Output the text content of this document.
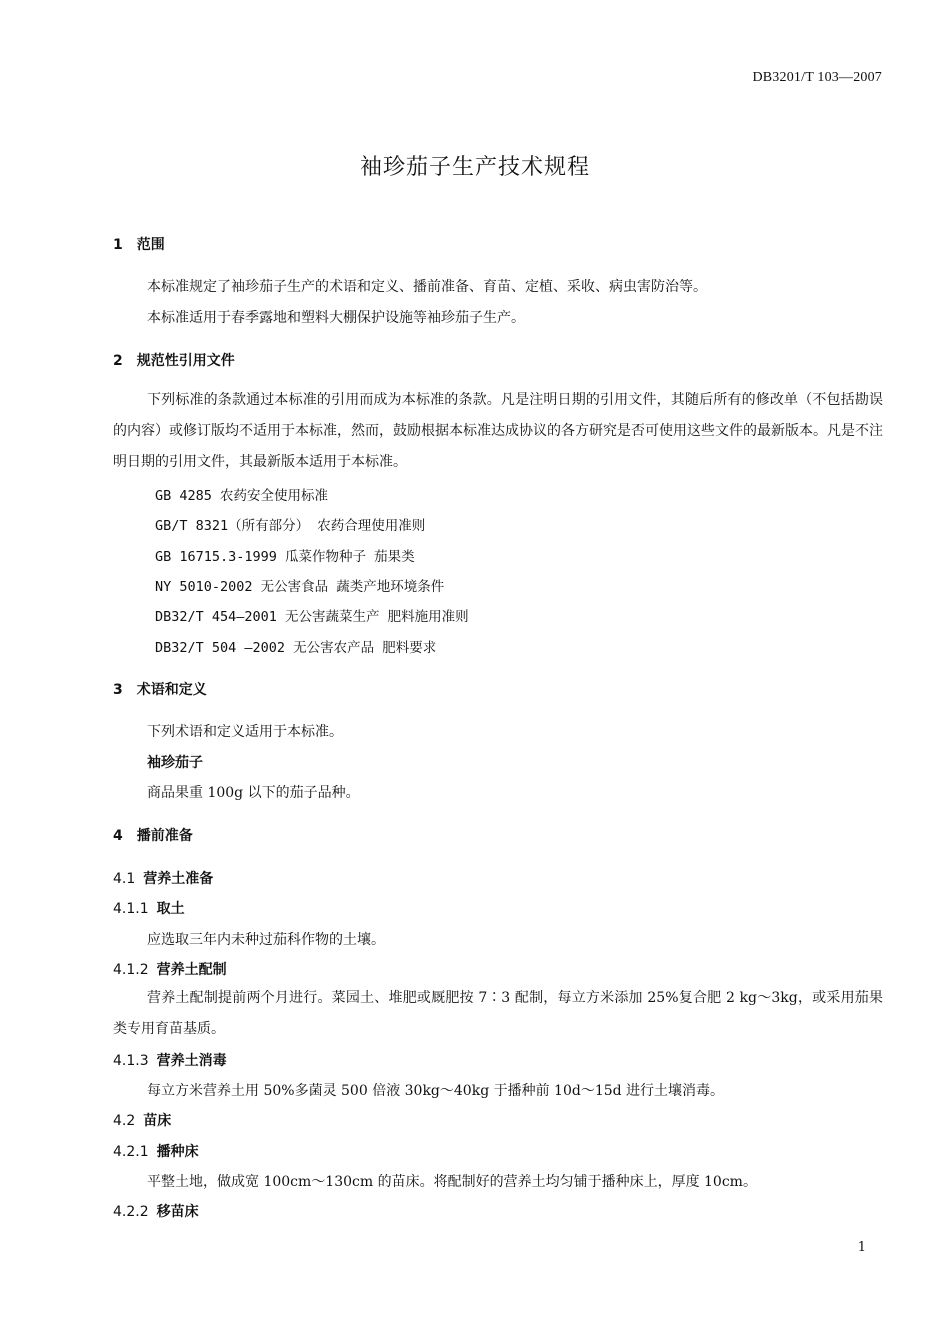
DB3201/T 103—2007
袖珍茄子生产技术规程
1 范围
本标准规定了袖珍茄子生产的术语和定义、播前准备、育苗、定植、采收、病虫害防治等。
本标准适用于春季露地和塑料大棚保护设施等袖珍茄子生产。
2 规范性引用文件
下列标准的条款通过本标准的引用而成为本标准的条款。凡是注明日期的引用文件，其随后所有的修改单（不包括勘误的内容）或修订版均不适用于本标准，然而，鼓励根据本标准达成协议的各方研究是否可使用这些文件的最新版本。凡是不注明日期的引用文件，其最新版本适用于本标准。
GB 4285 农药安全使用标准
GB/T 8321（所有部分） 农药合理使用准则
GB 16715.3-1999 瓜菜作物种子 茄果类
NY 5010-2002 无公害食品 蔬类产地环境条件
DB32/T 454—2001 无公害蔬菜生产 肥料施用准则
DB32/T 504 —2002 无公害农产品 肥料要求
3 术语和定义
下列术语和定义适用于本标准。
袖珍茄子
商品果重 100g 以下的茄子品种。
4 播前准备
4.1 营养土准备
4.1.1 取土
应选取三年内未种过茄科作物的土壤。
4.1.2 营养土配制
营养土配制提前两个月进行。菜园土、堆肥或厩肥按 7∶3 配制，每立方米添加 25%复合肥 2 kg～3kg，或采用茄果类专用育苗基质。
4.1.3 营养土消毒
每立方米营养土用 50%多菌灵 500 倍液 30kg～40kg 于播种前 10d～15d 进行土壤消毒。
4.2 苗床
4.2.1 播种床
平整土地，做成宽 100cm～130cm 的苗床。将配制好的营养土均匀铺于播种床上，厚度 10cm。
4.2.2 移苗床
1
